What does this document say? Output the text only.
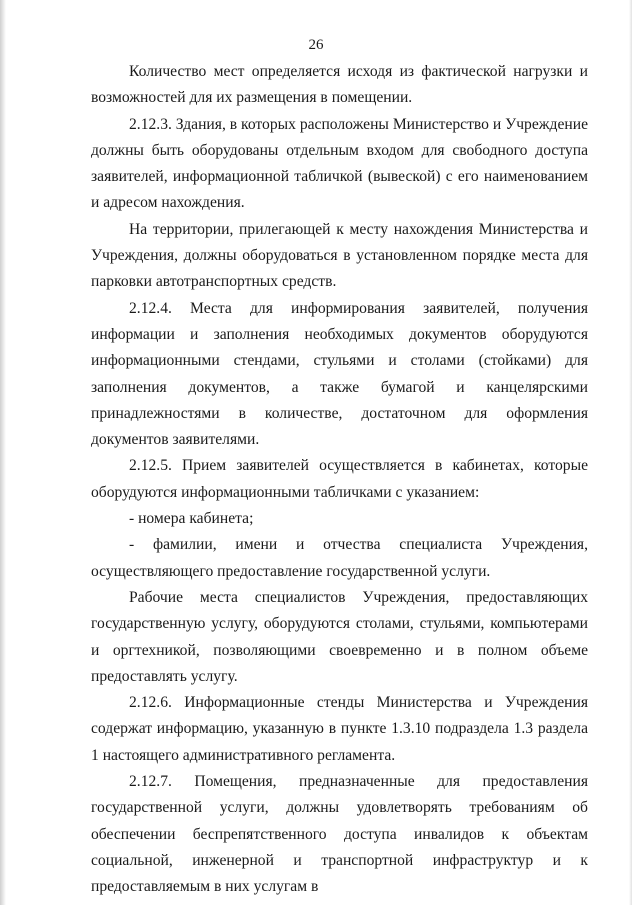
26

Количество мест определяется исходя из фактической нагрузки и возможностей для их размещения в помещении.

2.12.3. Здания, в которых расположены Министерство и Учреждение должны быть оборудованы отдельным входом для свободного доступа заявителей, информационной табличкой (вывеской) с его наименованием и адресом нахождения.

На территории, прилегающей к месту нахождения Министерства и Учреждения, должны оборудоваться в установленном порядке места для парковки автотранспортных средств.

2.12.4. Места для информирования заявителей, получения информации и заполнения необходимых документов оборудуются информационными стендами, стульями и столами (стойками) для заполнения документов, а также бумагой и канцелярскими принадлежностями в количестве, достаточном для оформления документов заявителями.

2.12.5. Прием заявителей осуществляется в кабинетах, которые оборудуются информационными табличками с указанием:

- номера кабинета;

- фамилии, имени и отчества специалиста Учреждения, осуществляющего предоставление государственной услуги.

Рабочие места специалистов Учреждения, предоставляющих государственную услугу, оборудуются столами, стульями, компьютерами и оргтехникой, позволяющими своевременно и в полном объеме предоставлять услугу.

2.12.6. Информационные стенды Министерства и Учреждения содержат информацию, указанную в пункте 1.3.10 подраздела 1.3 раздела 1 настоящего административного регламента.

2.12.7. Помещения, предназначенные для предоставления государственной услуги, должны удовлетворять требованиям об обеспечении беспрепятственного доступа инвалидов к объектам социальной, инженерной и транспортной инфраструктур и к предоставляемым в них услугам в
